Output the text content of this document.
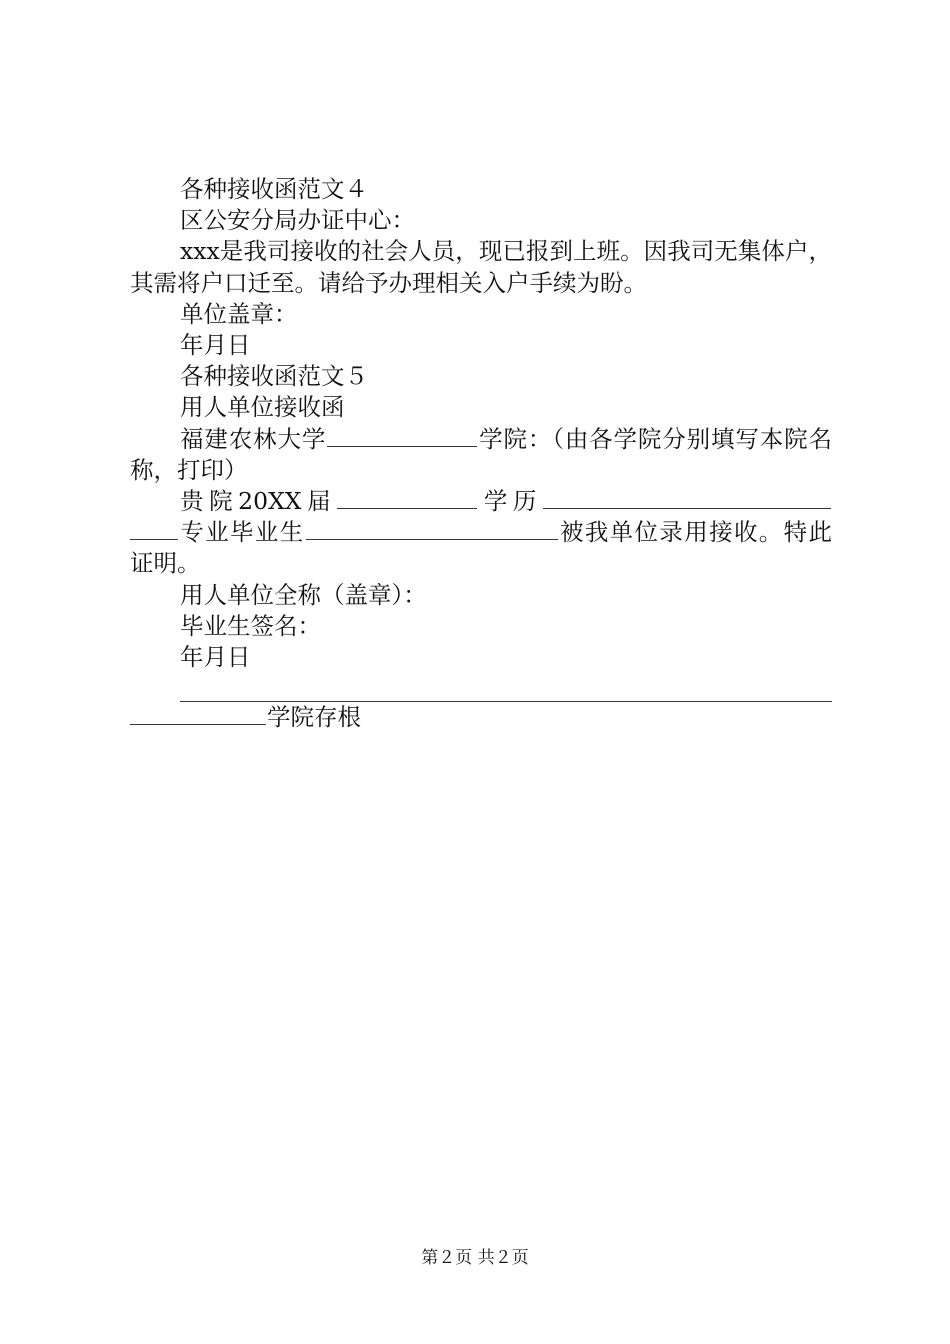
各种接收函范文４

区公安分局办证中心：

xxx是我司接收的社会人员，现已报到上班。因我司无集体户，其需将户口迁至。请给予办理相关入户手续为盼。

单位盖章：

年月日

各种接收函范文５

用人单位接收函

福建农林大学	学院：（由各学院分别填写本院名称，打印）

贵院20XX届	学历专业毕业生	被我单位录用接收。特此证明。

用人单位全称（盖章）：

毕业生签名：

年月日

学院存根

第２页 共２页
